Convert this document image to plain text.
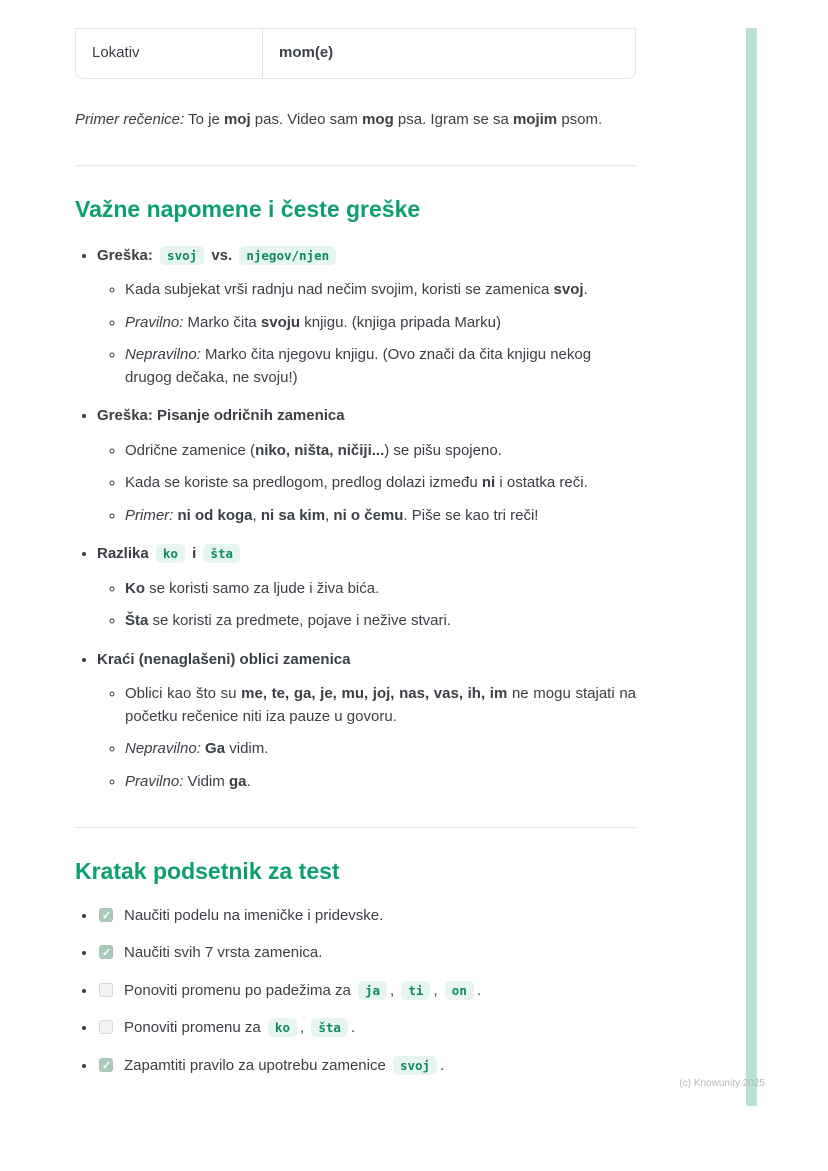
Lokativ	mom(e)

Primer rečenice: To je moj pas. Video sam mog psa. Igram se sa mojim psom.

Važne napomene i česte greške
• Greška: svoj vs. njegov/njen
◦ Kada subjekat vrši radnju nad nečim svojim, koristi se zamenica svoj.
◦ Pravilno: Marko čita svoju knjigu. (knjiga pripada Marku)
◦ Nepravilno: Marko čita njegovu knjigu. (Ovo znači da čita knjigu nekog drugog dečaka, ne svoju!)
• Greška: Pisanje odričnih zamenica
◦ Odrične zamenice (niko, ništa, ničiji...) se pišu spojeno.
◦ Kada se koriste sa predlogom, predlog dolazi između ni i ostatka reči.
◦ Primer: ni od koga, ni sa kim, ni o čemu. Piše se kao tri reči!
• Razlika ko i šta
◦ Ko se koristi samo za ljude i živa bića.
◦ Šta se koristi za predmete, pojave i nežive stvari.
• Kraći (nenaglašeni) oblici zamenica
◦ Oblici kao što su me, te, ga, je, mu, joj, nas, vas, ih, im ne mogu stajati na početku rečenice niti iza pauze u govoru.
◦ Nepravilno: Ga vidim.
◦ Pravilno: Vidim ga.
Kratak podsetnik za test
✓• Naučiti podelu na imeničke i pridevske.
✓• Naučiti svih 7 vrsta zamenica.
• Ponoviti promenu po padežima za ja , ti , on .
• Ponoviti promenu za ko , šta .
✓• Zapamtiti pravilo za upotrebu zamenice svoj .
(c) Knowunity 2025
